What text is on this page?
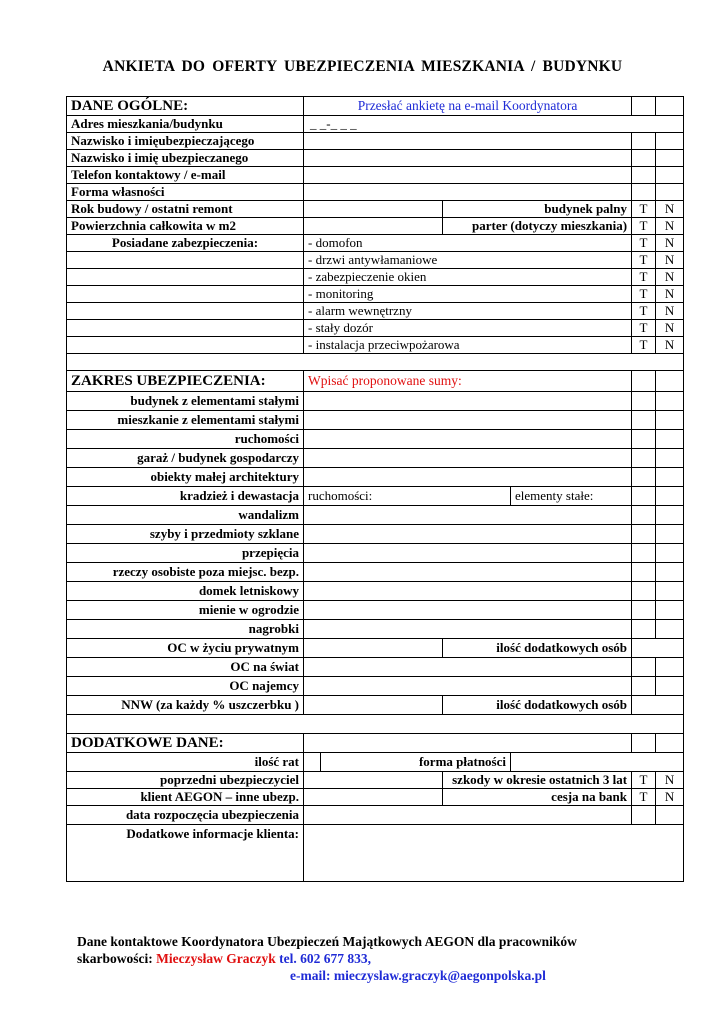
ANKIETA DO OFERTY UBEZPIECZENIA MIESZKANIA / BUDYNKU
DANE OGÓLNE:	Przesłać ankietę na e-mail Koordynatora					
Adres mieszkania/budynku	_ _-_ _ _					
Nazwisko i imięubezpieczającego						
Nazwisko i imię ubezpieczanego						
Telefon kontaktowy / e-mail						
Forma własności						
Rok budowy / ostatni remont			budynek palny		T	N
Powierzchnia całkowita w m2			parter (dotyczy mieszkania)		T	N
Posiadane zabezpieczenia:	- domofon				T	N
	- drzwi antywłamaniowe				T	N
	- zabezpieczenie okien				T	N
	- monitoring				T	N
	- alarm wewnętrzny				T	N
	- stały dozór				T	N
	- instalacja przeciwpożarowa				T	N

ZAKRES UBEZPIECZENIA:	Wpisać proponowane sumy:					
budynek z elementami stałymi						
mieszkanie z elementami stałymi						
ruchomości						
garaż / budynek gospodarczy						
obiekty małej architektury						
kradzież i dewastacja	ruchomości:			elementy stałe:		
wandalizm						
szyby i przedmioty szklane						
przepięcia						
rzeczy osobiste poza miejsc. bezp.						
domek letniskowy						
mienie w ogrodzie						
nagrobki						
OC w życiu prywatnym			ilość dodatkowych osób			
OC na świat						
OC najemcy						
NNW (za każdy % uszczerbku )			ilość dodatkowych osób			

DODATKOWE DANE:						
ilość rat		forma płatności				
poprzedni ubezpieczyciel			szkody w okresie ostatnich 3 lat		T	N
klient AEGON – inne ubezp.			cesja na bank		T	N
data rozpoczęcia ubezpieczenia						
Dodatkowe informacje klienta:						
Dane kontaktowe Koordynatora Ubezpieczeń Majątkowych AEGON dla pracowników
skarbowości: Mieczysław Graczyk tel. 602 677 833,
e-mail: mieczyslaw.graczyk@aegonpolska.pl
